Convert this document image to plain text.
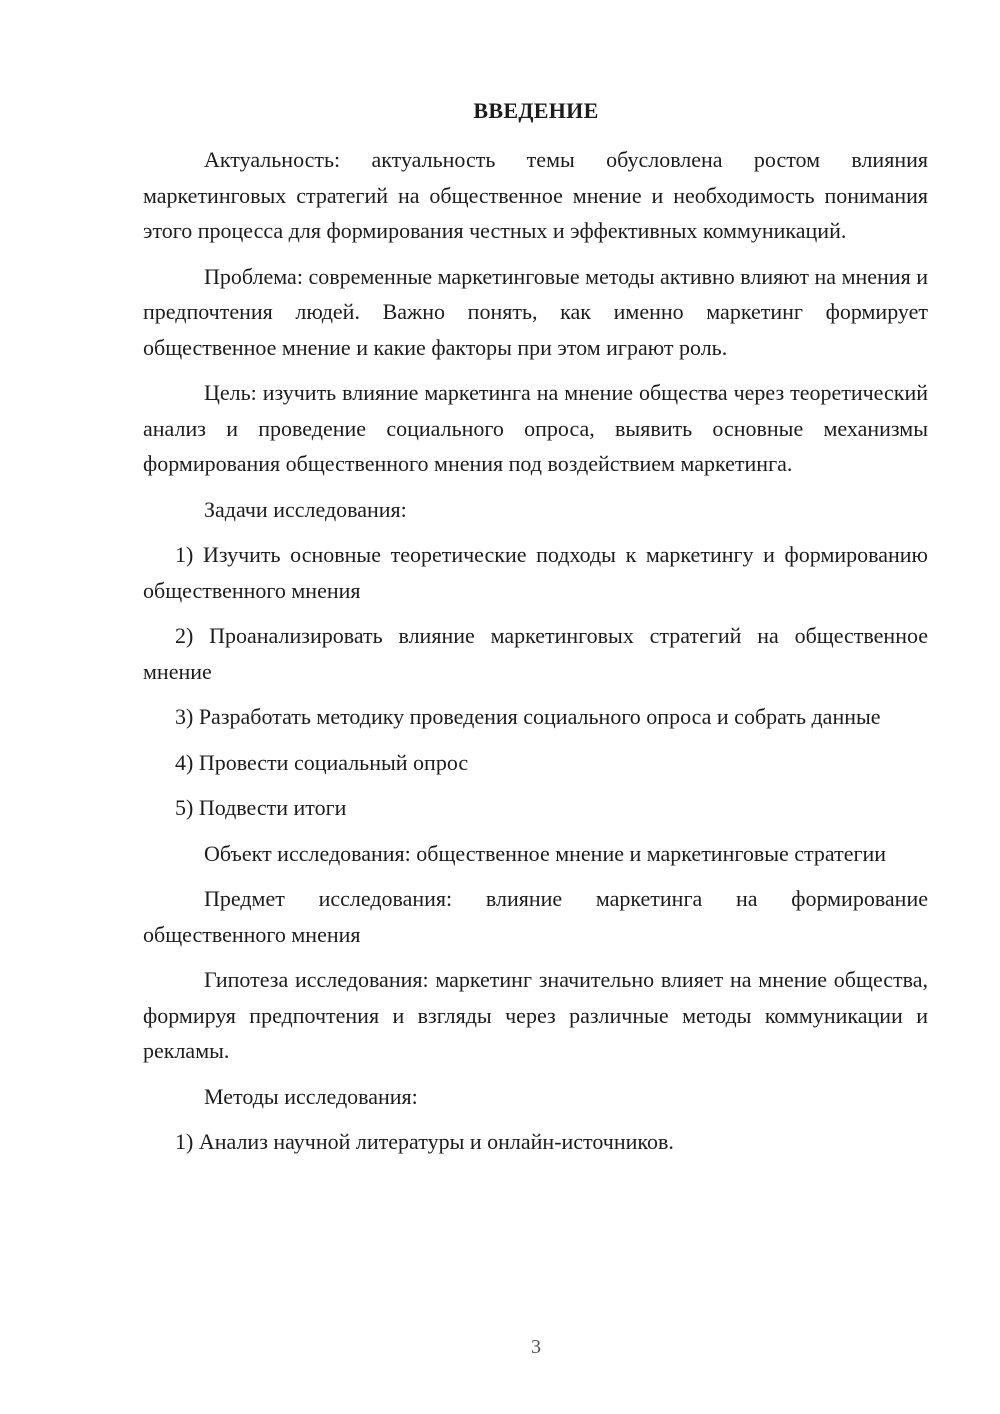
ВВЕДЕНИЕ

Актуальность: актуальность темы обусловлена ростом влияния маркетинговых стратегий на общественное мнение и необходимость понимания этого процесса для формирования честных и эффективных коммуникаций.

Проблема: современные маркетинговые методы активно влияют на мнения и предпочтения людей. Важно понять, как именно маркетинг формирует общественное мнение и какие факторы при этом играют роль.

Цель: изучить влияние маркетинга на мнение общества через теоретический анализ и проведение социального опроса, выявить основные механизмы формирования общественного мнения под воздействием маркетинга.

Задачи исследования:

1) Изучить основные теоретические подходы к маркетингу и формированию общественного мнения

2) Проанализировать влияние маркетинговых стратегий на общественное мнение

3) Разработать методику проведения социального опроса и собрать данные

4) Провести социальный опрос

5) Подвести итоги

Объект исследования: общественное мнение и маркетинговые стратегии

Предмет исследования: влияние маркетинга на формирование общественного мнения

Гипотеза исследования: маркетинг значительно влияет на мнение общества, формируя предпочтения и взгляды через различные методы коммуникации и рекламы.

Методы исследования:

1) Анализ научной литературы и онлайн-источников.

3
